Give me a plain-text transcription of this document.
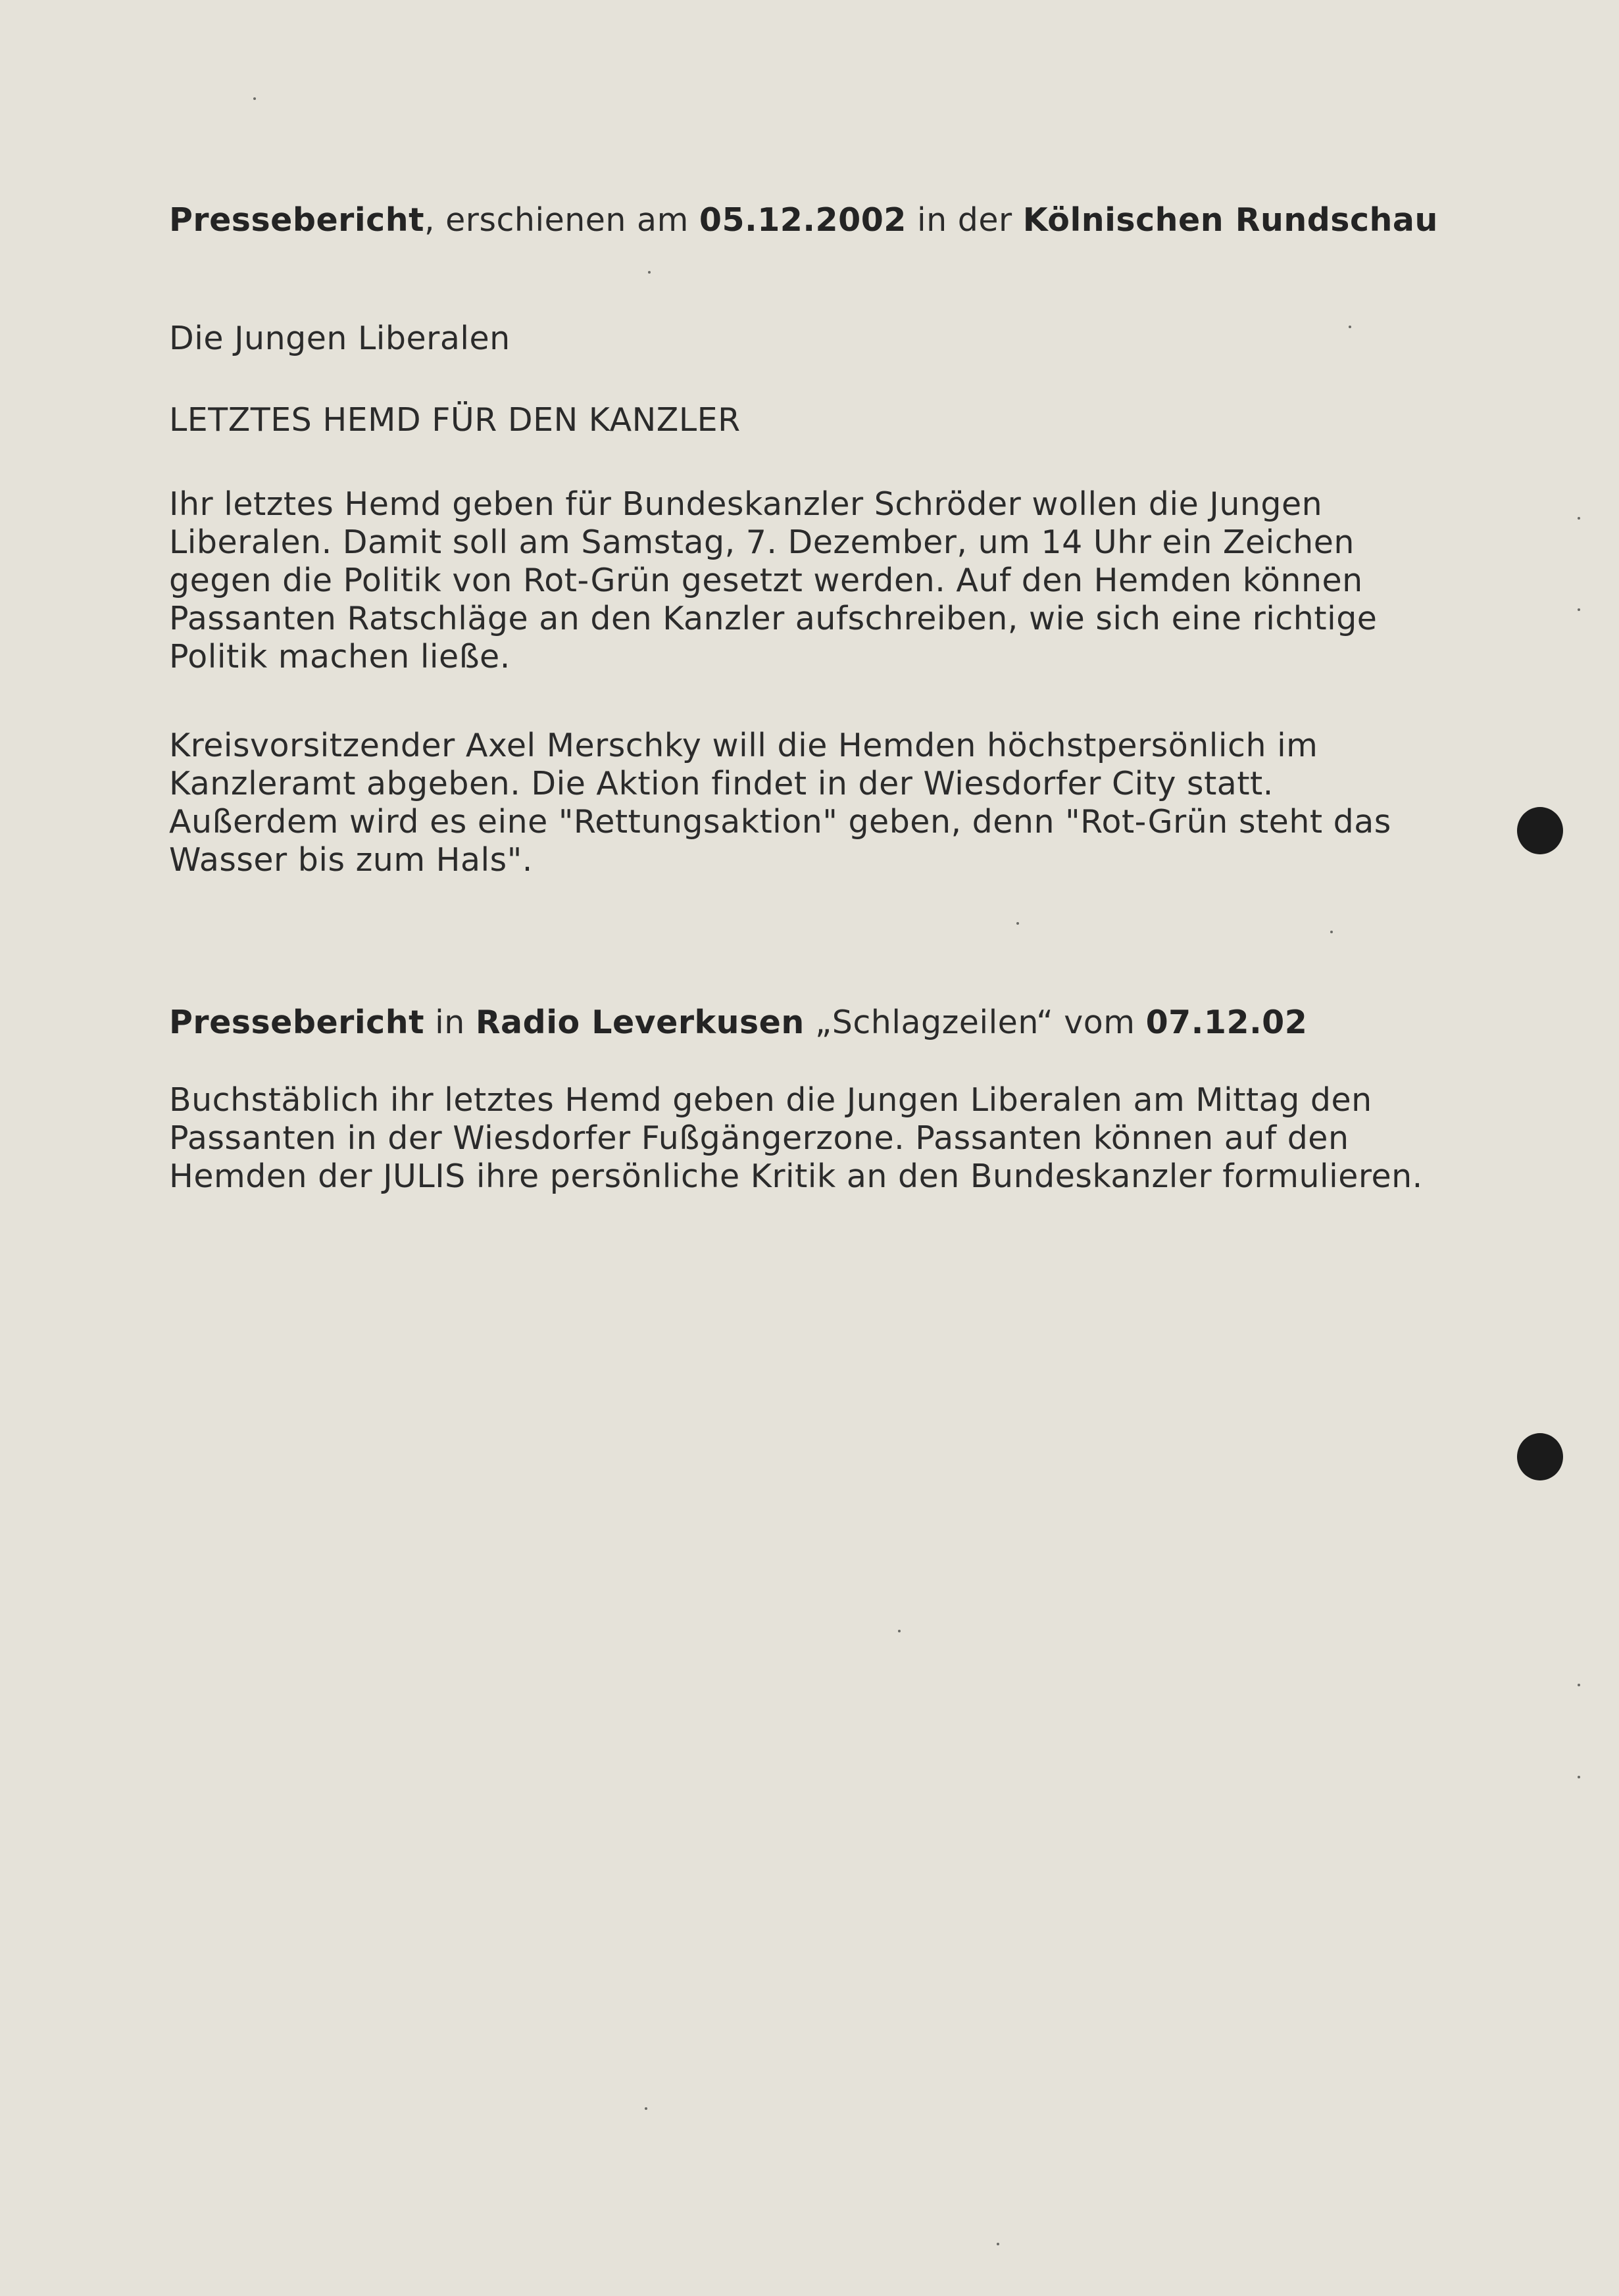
Pressebericht, erschienen am 05.12.2002 in der Kölnischen Rundschau
Die Jungen Liberalen
LETZTES HEMD FÜR DEN KANZLER
Ihr letztes Hemd geben für Bundeskanzler Schröder wollen die Jungen
Liberalen. Damit soll am Samstag, 7. Dezember, um 14 Uhr ein Zeichen
gegen die Politik von Rot-Grün gesetzt werden. Auf den Hemden können
Passanten Ratschläge an den Kanzler aufschreiben, wie sich eine richtige
Politik machen ließe.
Kreisvorsitzender Axel Merschky will die Hemden höchstpersönlich im
Kanzleramt abgeben. Die Aktion findet in der Wiesdorfer City statt.
Außerdem wird es eine "Rettungsaktion" geben, denn "Rot-Grün steht das
Wasser bis zum Hals".
Pressebericht in Radio Leverkusen „Schlagzeilen“ vom 07.12.02
Buchstäblich ihr letztes Hemd geben die Jungen Liberalen am Mittag den
Passanten in der Wiesdorfer Fußgängerzone. Passanten können auf den
Hemden der JULIS ihre persönliche Kritik an den Bundeskanzler formulieren.
